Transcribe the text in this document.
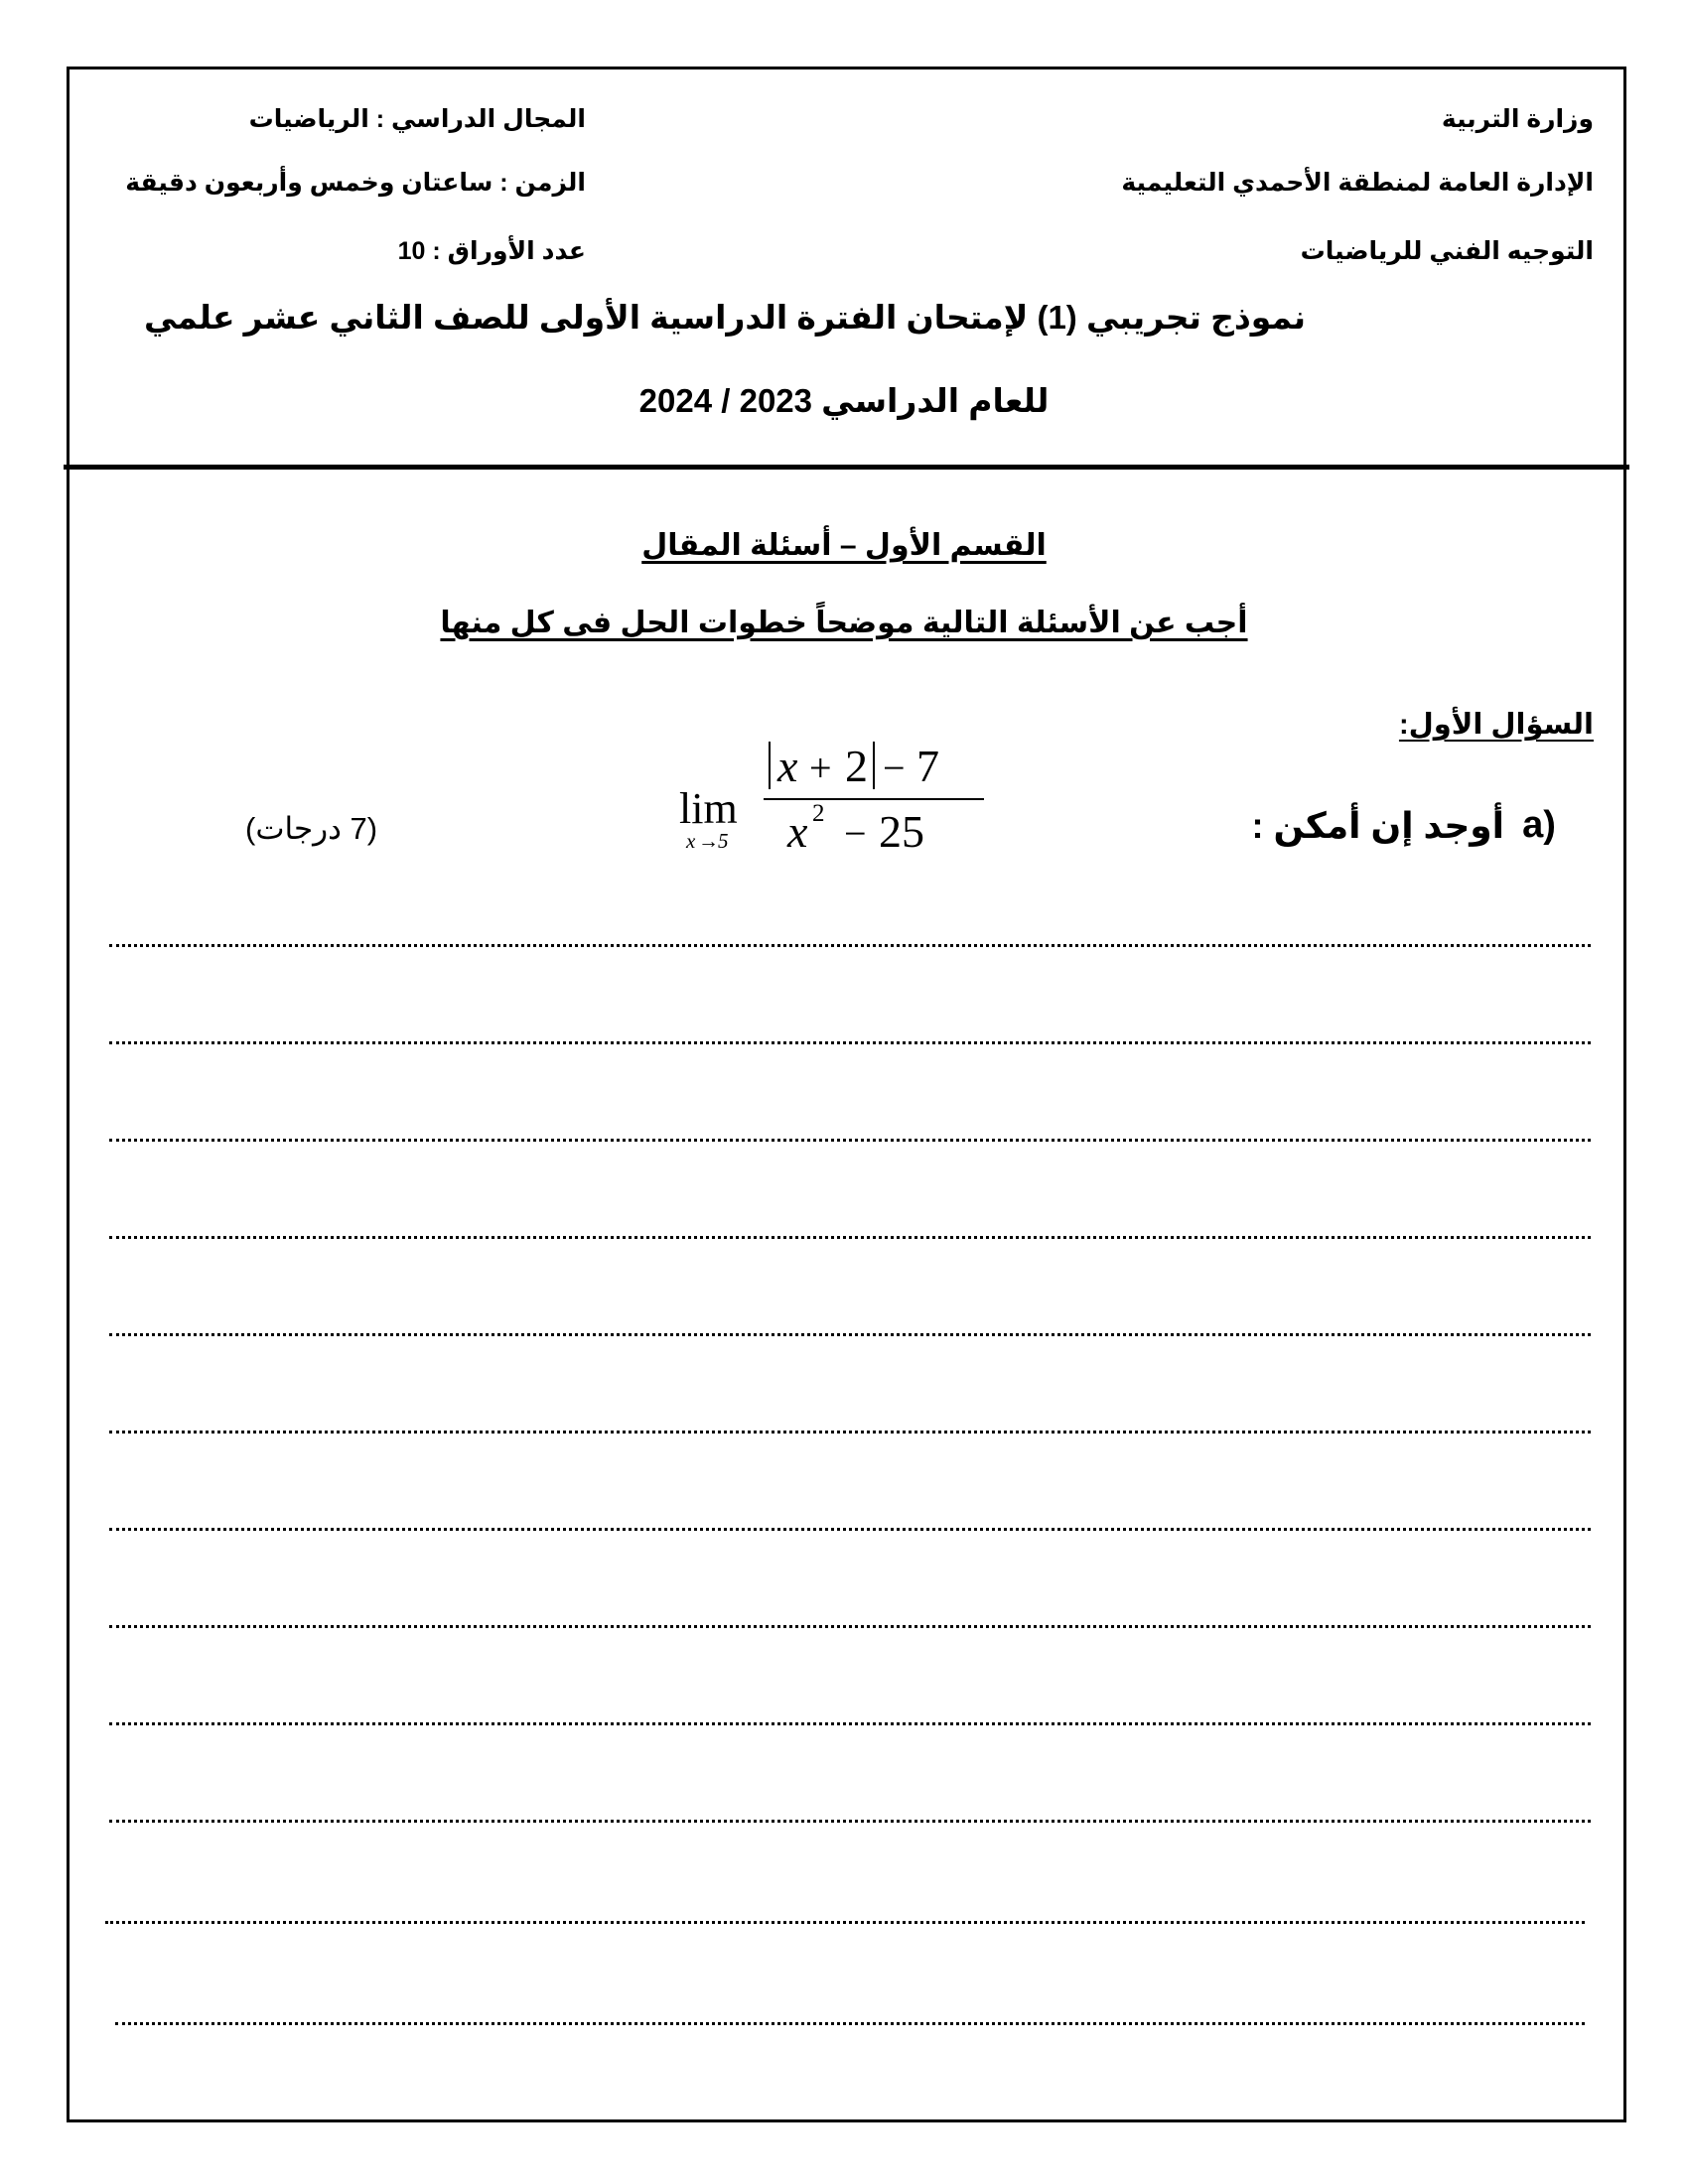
وزارة التربية
الإدارة العامة لمنطقة الأحمدي التعليمية
التوجيه الفني للرياضيات
المجال الدراسي : الرياضيات
الزمن : ساعتان وخمس وأربعون دقيقة
عدد الأوراق : 10
نموذج تجريبي (1) لإمتحان الفترة الدراسية الأولى للصف الثاني عشر علمي
للعام الدراسي 2023 / 2024
القسم الأول – أسئلة المقال
أجب عن الأسئلة التالية موضحاً خطوات الحل فى كل منها
السؤال الأول:
a)
أوجد إن أمكن :
(7 درجات)	lim
x → 5
x + 2 − 7
x 2 − 25
